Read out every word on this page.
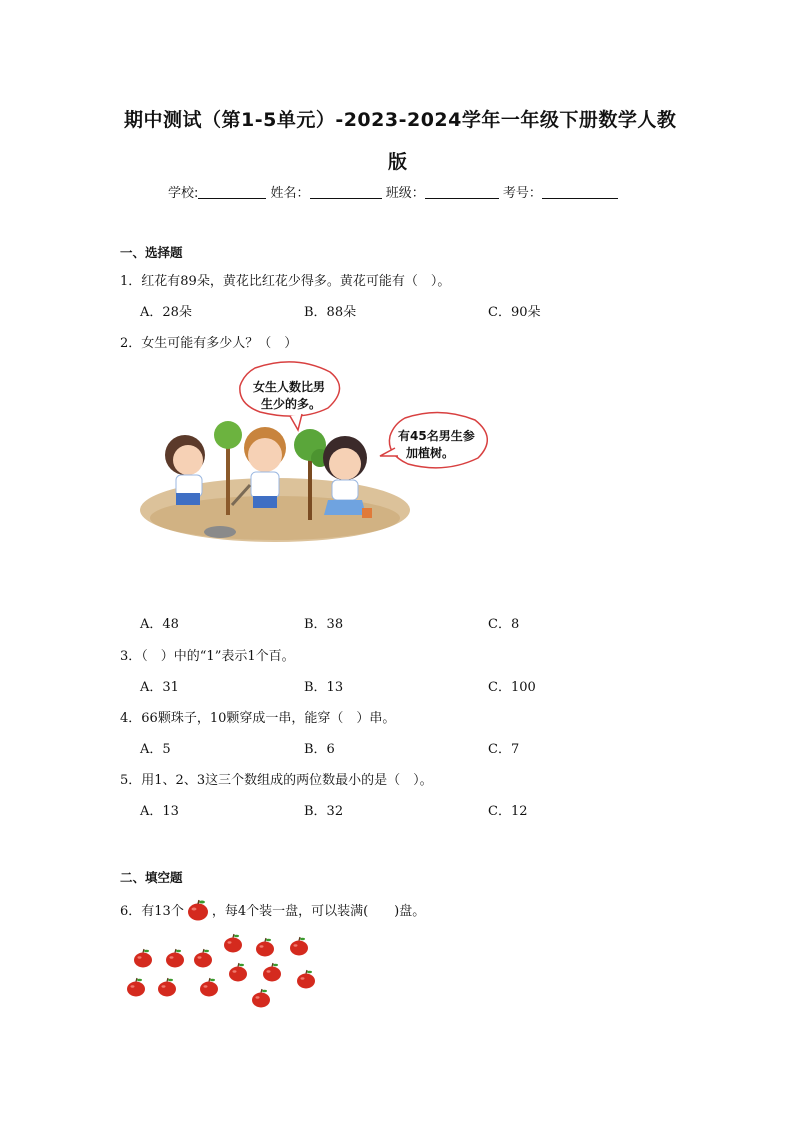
期中测试（第1-5单元）-2023-2024学年一年级下册数学人教
版
学校:	姓名：	班级：	考号：
一、选择题
1．红花有89朵，黄花比红花少得多。黄花可能有（　）。
A．28朵	B．88朵	C．90朵
2．女生可能有多少人？（　）
女生人数比男
生少的多。
有45名男生参
加植树。
A．48	B．38	C．8
3．（　）中的“1”表示1个百。
A．31	B．13	C．100
4．66颗珠子，10颗穿成一串，能穿（　）串。
A．5	B．6	C．7
5．用1、2、3这三个数组成的两位数最小的是（　）。
A．13	B．32	C．12
二、填空题
6．有13个 ，每4个装一盘，可以装满(　　)盘。
